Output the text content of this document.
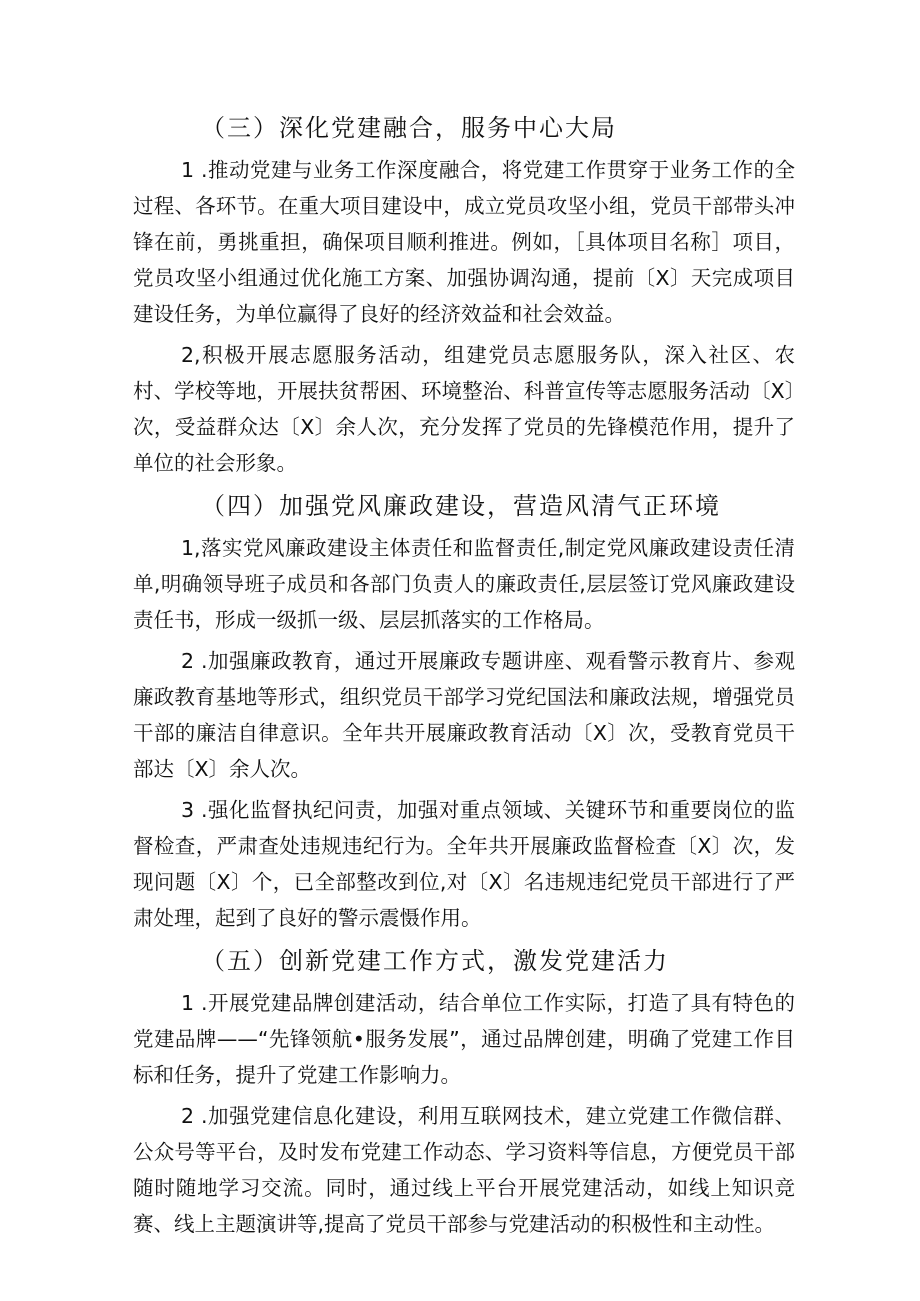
（三）深化党建融合，服务中心大局

1 .推动党建与业务工作深度融合，将党建工作贯穿于业务工作的全过程、各环节。在重大项目建设中，成立党员攻坚小组，党员干部带头冲锋在前，勇挑重担，确保项目顺利推进。例如，［具体项目名称］项目，党员攻坚小组通过优化施工方案、加强协调沟通，提前〔X〕天完成项目建设任务，为单位赢得了良好的经济效益和社会效益。

2,积极开展志愿服务活动，组建党员志愿服务队，深入社区、农村、学校等地，开展扶贫帮困、环境整治、科普宣传等志愿服务活动〔X〕次，受益群众达〔X〕余人次，充分发挥了党员的先锋模范作用，提升了单位的社会形象。

（四）加强党风廉政建设，营造风清气正环境

1,落实党风廉政建设主体责任和监督责任,制定党风廉政建设责任清单,明确领导班子成员和各部门负责人的廉政责任,层层签订党风廉政建设责任书，形成一级抓一级、层层抓落实的工作格局。

2 .加强廉政教育，通过开展廉政专题讲座、观看警示教育片、参观廉政教育基地等形式，组织党员干部学习党纪国法和廉政法规，增强党员干部的廉洁自律意识。全年共开展廉政教育活动〔X〕次，受教育党员干部达〔X〕余人次。

3 .强化监督执纪问责，加强对重点领域、关键环节和重要岗位的监督检查，严肃查处违规违纪行为。全年共开展廉政监督检查〔X〕次，发现问题〔X〕个，已全部整改到位,对〔X〕名违规违纪党员干部进行了严肃处理，起到了良好的警示震慑作用。

（五）创新党建工作方式，激发党建活力

1 .开展党建品牌创建活动，结合单位工作实际，打造了具有特色的党建品牌——“先锋领航•服务发展”，通过品牌创建，明确了党建工作目标和任务，提升了党建工作影响力。

2 .加强党建信息化建设，利用互联网技术，建立党建工作微信群、公众号等平台，及时发布党建工作动态、学习资料等信息，方便党员干部随时随地学习交流。同时，通过线上平台开展党建活动，如线上知识竞赛、线上主题演讲等,提高了党员干部参与党建活动的积极性和主动性。
